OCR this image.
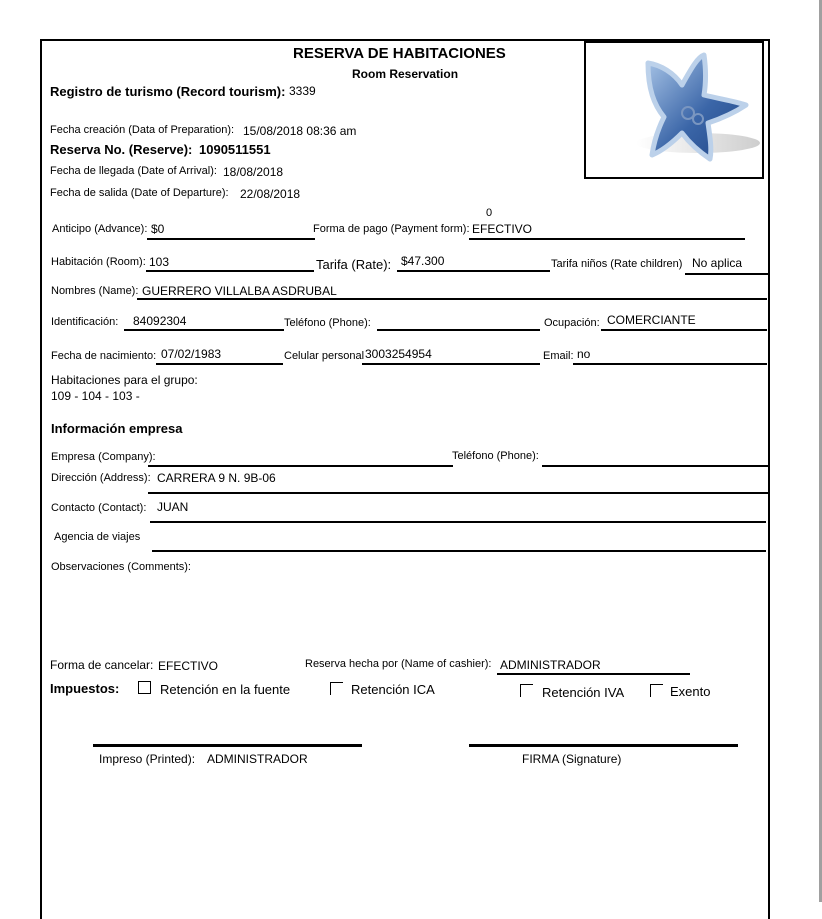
RESERVA DE HABITACIONES
Room Reservation
Registro de turismo (Record tourism): 3339
Fecha creación (Data of Preparation): 15/08/2018 08:36 am
Reserva No. (Reserve): 1090511551
Fecha de llegada (Date of Arrival): 18/08/2018
Fecha de salida (Date of Departure): 22/08/2018
0
Anticipo (Advance): $0	Forma de pago (Payment form): EFECTIVO
Habitación (Room): 103	Tarifa (Rate): $47.300	Tarifa niños (Rate children) No aplica
Nombres (Name): GUERRERO VILLALBA ASDRUBAL
Identificación: 84092304	Teléfono (Phone):	Ocupación: COMERCIANTE
Fecha de nacimiento: 07/02/1983	Celular personal 3003254954	Email: no
Habitaciones para el grupo:
109 - 104 - 103 -
Información empresa
Empresa (Company):	Teléfono (Phone):
Dirección (Address): CARRERA 9 N. 9B-06
Contacto (Contact): JUAN
Agencia de viajes
Observaciones (Comments):
Forma de cancelar: EFECTIVO	Reserva hecha por (Name of cashier): ADMINISTRADOR
Impuestos:	Retención en la fuente	Retención ICA	Retención IVA	Exento
Impreso (Printed): ADMINISTRADOR	FIRMA (Signature)
